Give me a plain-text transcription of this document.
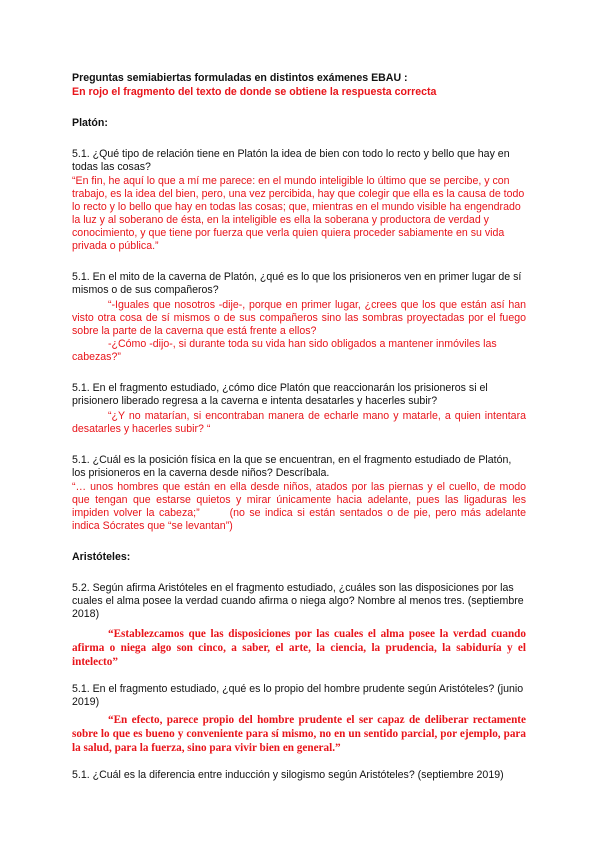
Preguntas semiabiertas formuladas en distintos exámenes EBAU :

En rojo el fragmento del texto de donde se obtiene la respuesta correcta

Platón:

5.1. ¿Qué tipo de relación tiene en Platón la idea de bien con todo lo recto y bello que hay en todas las cosas?

“En fin, he aquí lo que a mí me parece: en el mundo inteligible lo último que se percibe, y con trabajo, es la idea del bien, pero, una vez percibida, hay que colegir que ella es la causa de todo lo recto y lo bello que hay en todas las cosas; que, mientras en el mundo visible ha engendrado la luz y al soberano de ésta, en la inteligible es ella la soberana y productora de verdad y conocimiento, y que tiene por fuerza que verla quien quiera proceder sabiamente en su vida privada o pública.”

5.1. En el mito de la caverna de Platón, ¿qué es lo que los prisioneros ven en primer lugar de sí mismos o de sus compañeros?

“-Iguales que nosotros -dije-, porque en primer lugar, ¿crees que los que están así han visto otra cosa de sí mismos o de sus compañeros sino las sombras proyectadas por el fuego sobre la parte de la caverna que está frente a ellos?

-¿Cómo -dijo-, si durante toda su vida han sido obligados a mantener inmóviles las cabezas?”

5.1. En el fragmento estudiado, ¿cómo dice Platón que reaccionarán los prisioneros si el prisionero liberado regresa a la caverna e intenta desatarles y hacerles subir?

“¿Y no matarían, si encontraban manera de echarle mano y matarle, a quien intentara desatarles y hacerles subir? “

5.1. ¿Cuál es la posición física en la que se encuentran, en el fragmento estudiado de Platón, los prisioneros en la caverna desde niños? Descríbala.

“… unos hombres que están en ella desde niños, atados por las piernas y el cuello, de modo que tengan que estarse quietos y mirar únicamente hacia adelante, pues las ligaduras les impiden volver la cabeza;”	(no se indica si están sentados o de pie, pero más adelante indica Sócrates que “se levantan”)

Aristóteles:

5.2. Según afirma Aristóteles en el fragmento estudiado, ¿cuáles son las disposiciones por las cuales el alma posee la verdad cuando afirma o niega algo? Nombre al menos tres. (septiembre 2018)

“Establezcamos que las disposiciones por las cuales el alma posee la verdad cuando afirma o niega algo son cinco, a saber, el arte, la ciencia, la prudencia, la sabiduría y el intelecto”

5.1. En el fragmento estudiado, ¿qué es lo propio del hombre prudente según Aristóteles? (junio 2019)

“En efecto, parece propio del hombre prudente el ser capaz de deliberar rectamente sobre lo que es bueno y conveniente para sí mismo, no en un sentido parcial, por ejemplo, para la salud, para la fuerza, sino para vivir bien en general.”

5.1. ¿Cuál es la diferencia entre inducción y silogismo según Aristóteles? (septiembre 2019)
